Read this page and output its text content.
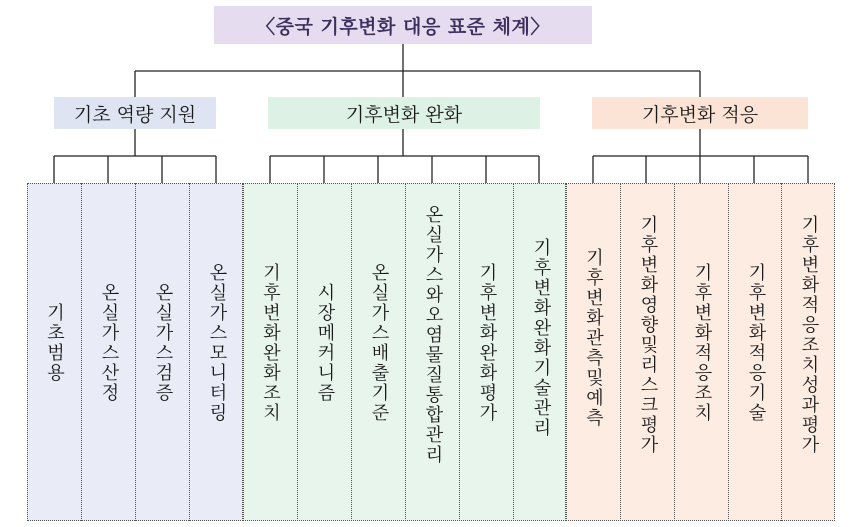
〈중국 기후변화 대응 표준 체계〉
기초 역량 지원	기후변화 완화	기후변화 적응
기초범용 온실가스산정 온실가스검증 온실가스모니터링 기후변화완화조치 시장메커니즘 온실가스배출기준 온실가스와오염물질통합관리 기후변화완화평가 기후변화완화기술관리 기후변화관측및예측 기후변화영향및리스크평가 기후변화적응조치 기후변화적응기술 기후변화적응조치성과평가
